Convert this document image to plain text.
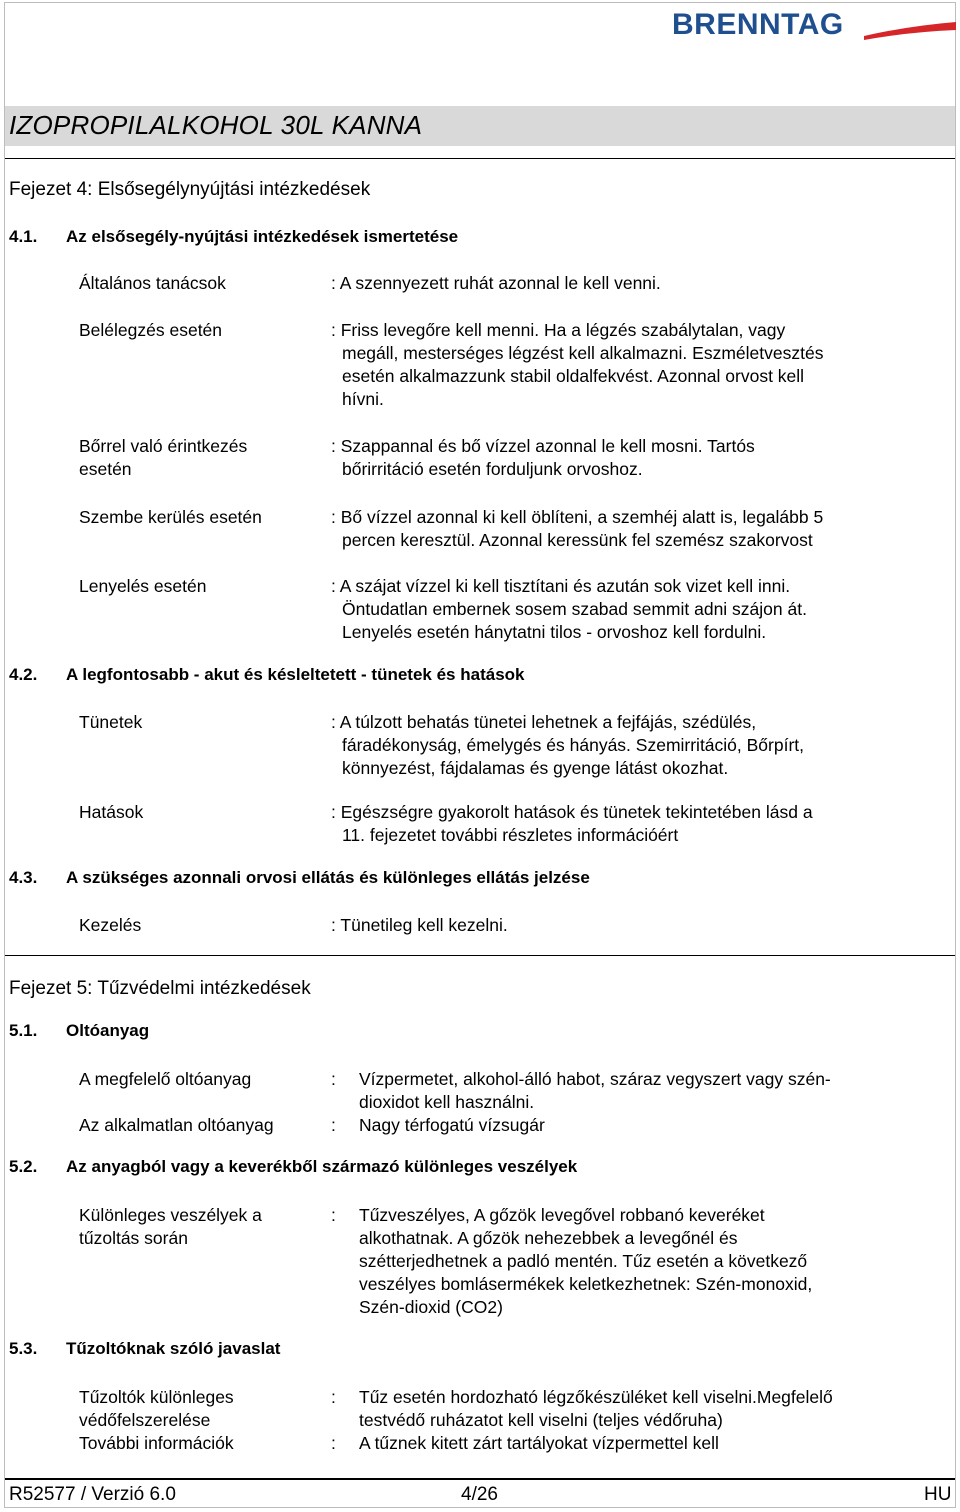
BRENNTAG
IZOPROPILALKOHOL 30L KANNA
Fejezet 4: Elsősegélynyújtási intézkedések
4.1. Az elsősegély-nyújtási intézkedések ismertetése
Általános tanácsok	: A szennyezett ruhát azonnal le kell venni.
Belélegzés esetén	: Friss levegőre kell menni. Ha a légzés szabálytalan, vagy
megáll, mesterséges légzést kell alkalmazni. Eszméletvesztés
esetén alkalmazzunk stabil oldalfekvést. Azonnal orvost kell
hívni.
Bőrrel való érintkezés
esetén
: Szappannal és bő vízzel azonnal le kell mosni. Tartós
bőrirritáció esetén forduljunk orvoshoz.
Szembe kerülés esetén	: Bő vízzel azonnal ki kell öblíteni, a szemhéj alatt is, legalább 5
percen keresztül. Azonnal keressünk fel szemész szakorvost
Lenyelés esetén	: A szájat vízzel ki kell tisztítani és azután sok vizet kell inni.
Öntudatlan embernek sosem szabad semmit adni szájon át.
Lenyelés esetén hánytatni tilos - orvoshoz kell fordulni.
4.2. A legfontosabb - akut és késleltetett - tünetek és hatások
Tünetek	: A túlzott behatás tünetei lehetnek a fejfájás, szédülés,
fáradékonyság, émelygés és hányás. Szemirritáció, Bőrpírt,
könnyezést, fájdalamas és gyenge látást okozhat.
Hatások	: Egészségre gyakorolt hatások és tünetek tekintetében lásd a
11. fejezetet további részletes információért
4.3. A szükséges azonnali orvosi ellátás és különleges ellátás jelzése
Kezelés	: Tünetileg kell kezelni.
Fejezet 5: Tűzvédelmi intézkedések
5.1. Oltóanyag
A megfelelő oltóanyag	: Vízpermetet, alkohol-álló habot, száraz vegyszert vagy szén-
dioxidot kell használni.
Az alkalmatlan oltóanyag	: Nagy térfogatú vízsugár
5.2. Az anyagból vagy a keverékből származó különleges veszélyek
Különleges veszélyek a
tűzoltás során
: Tűzveszélyes, A gőzök levegővel robbanó keveréket
alkothatnak. A gőzök nehezebbek a levegőnél és
szétterjedhetnek a padló mentén. Tűz esetén a következő
veszélyes bomlásermékek keletkezhetnek: Szén-monoxid,
Szén-dioxid (CO2)
5.3. Tűzoltóknak szóló javaslat
Tűzoltók különleges
védőfelszerelése
: Tűz esetén hordozható légzőkészüléket kell viselni.Megfelelő
testvédő ruházatot kell viselni (teljes védőruha)
További információk	: A tűznek kitett zárt tartályokat vízpermettel kell
R52577 / Verzió 6.0	4/26	HU
